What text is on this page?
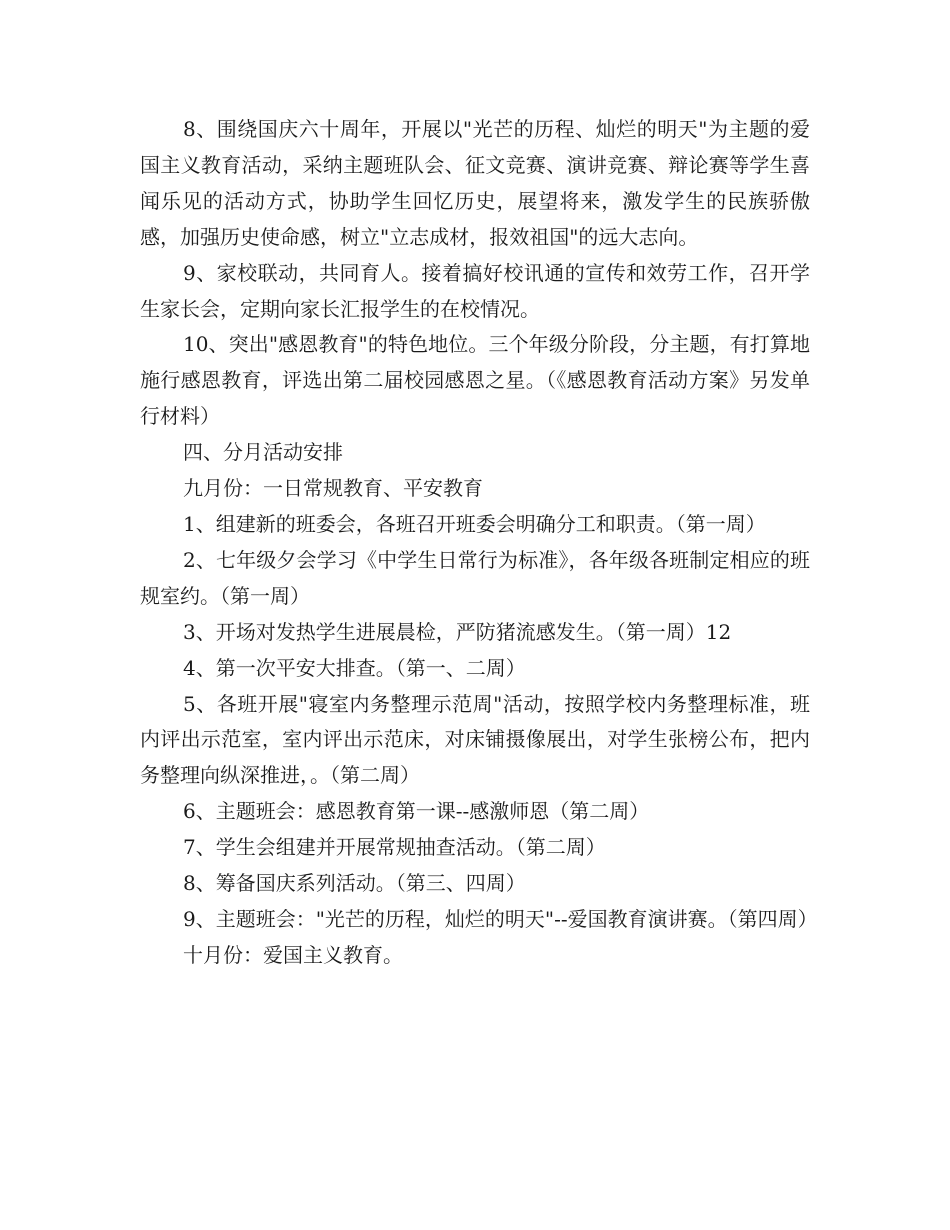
8、围绕国庆六十周年，开展以"光芒的历程、灿烂的明天"为主题的爱国主义教育活动，采纳主题班队会、征文竞赛、演讲竞赛、辩论赛等学生喜闻乐见的活动方式，协助学生回忆历史，展望将来，激发学生的民族骄傲感，加强历史使命感，树立"立志成材，报效祖国"的远大志向。

9、家校联动，共同育人。接着搞好校讯通的宣传和效劳工作，召开学生家长会，定期向家长汇报学生的在校情况。

10、突出"感恩教育"的特色地位。三个年级分阶段，分主题，有打算地施行感恩教育，评选出第二届校园感恩之星。（《感恩教育活动方案》另发单行材料）

四、分月活动安排

九月份：一日常规教育、平安教育

1、组建新的班委会，各班召开班委会明确分工和职责。（第一周）

2、七年级夕会学习《中学生日常行为标准》，各年级各班制定相应的班规室约。（第一周）

3、开场对发热学生进展晨检，严防猪流感发生。（第一周）12

4、第一次平安大排查。（第一、二周）

5、各班开展"寝室内务整理示范周"活动，按照学校内务整理标准，班内评出示范室，室内评出示范床，对床铺摄像展出，对学生张榜公布，把内务整理向纵深推进，。（第二周）

6、主题班会：感恩教育第一课--感激师恩（第二周）

7、学生会组建并开展常规抽查活动。（第二周）

8、筹备国庆系列活动。（第三、四周）

9、主题班会："光芒的历程，灿烂的明天"--爱国教育演讲赛。（第四周）

十月份：爱国主义教育。
